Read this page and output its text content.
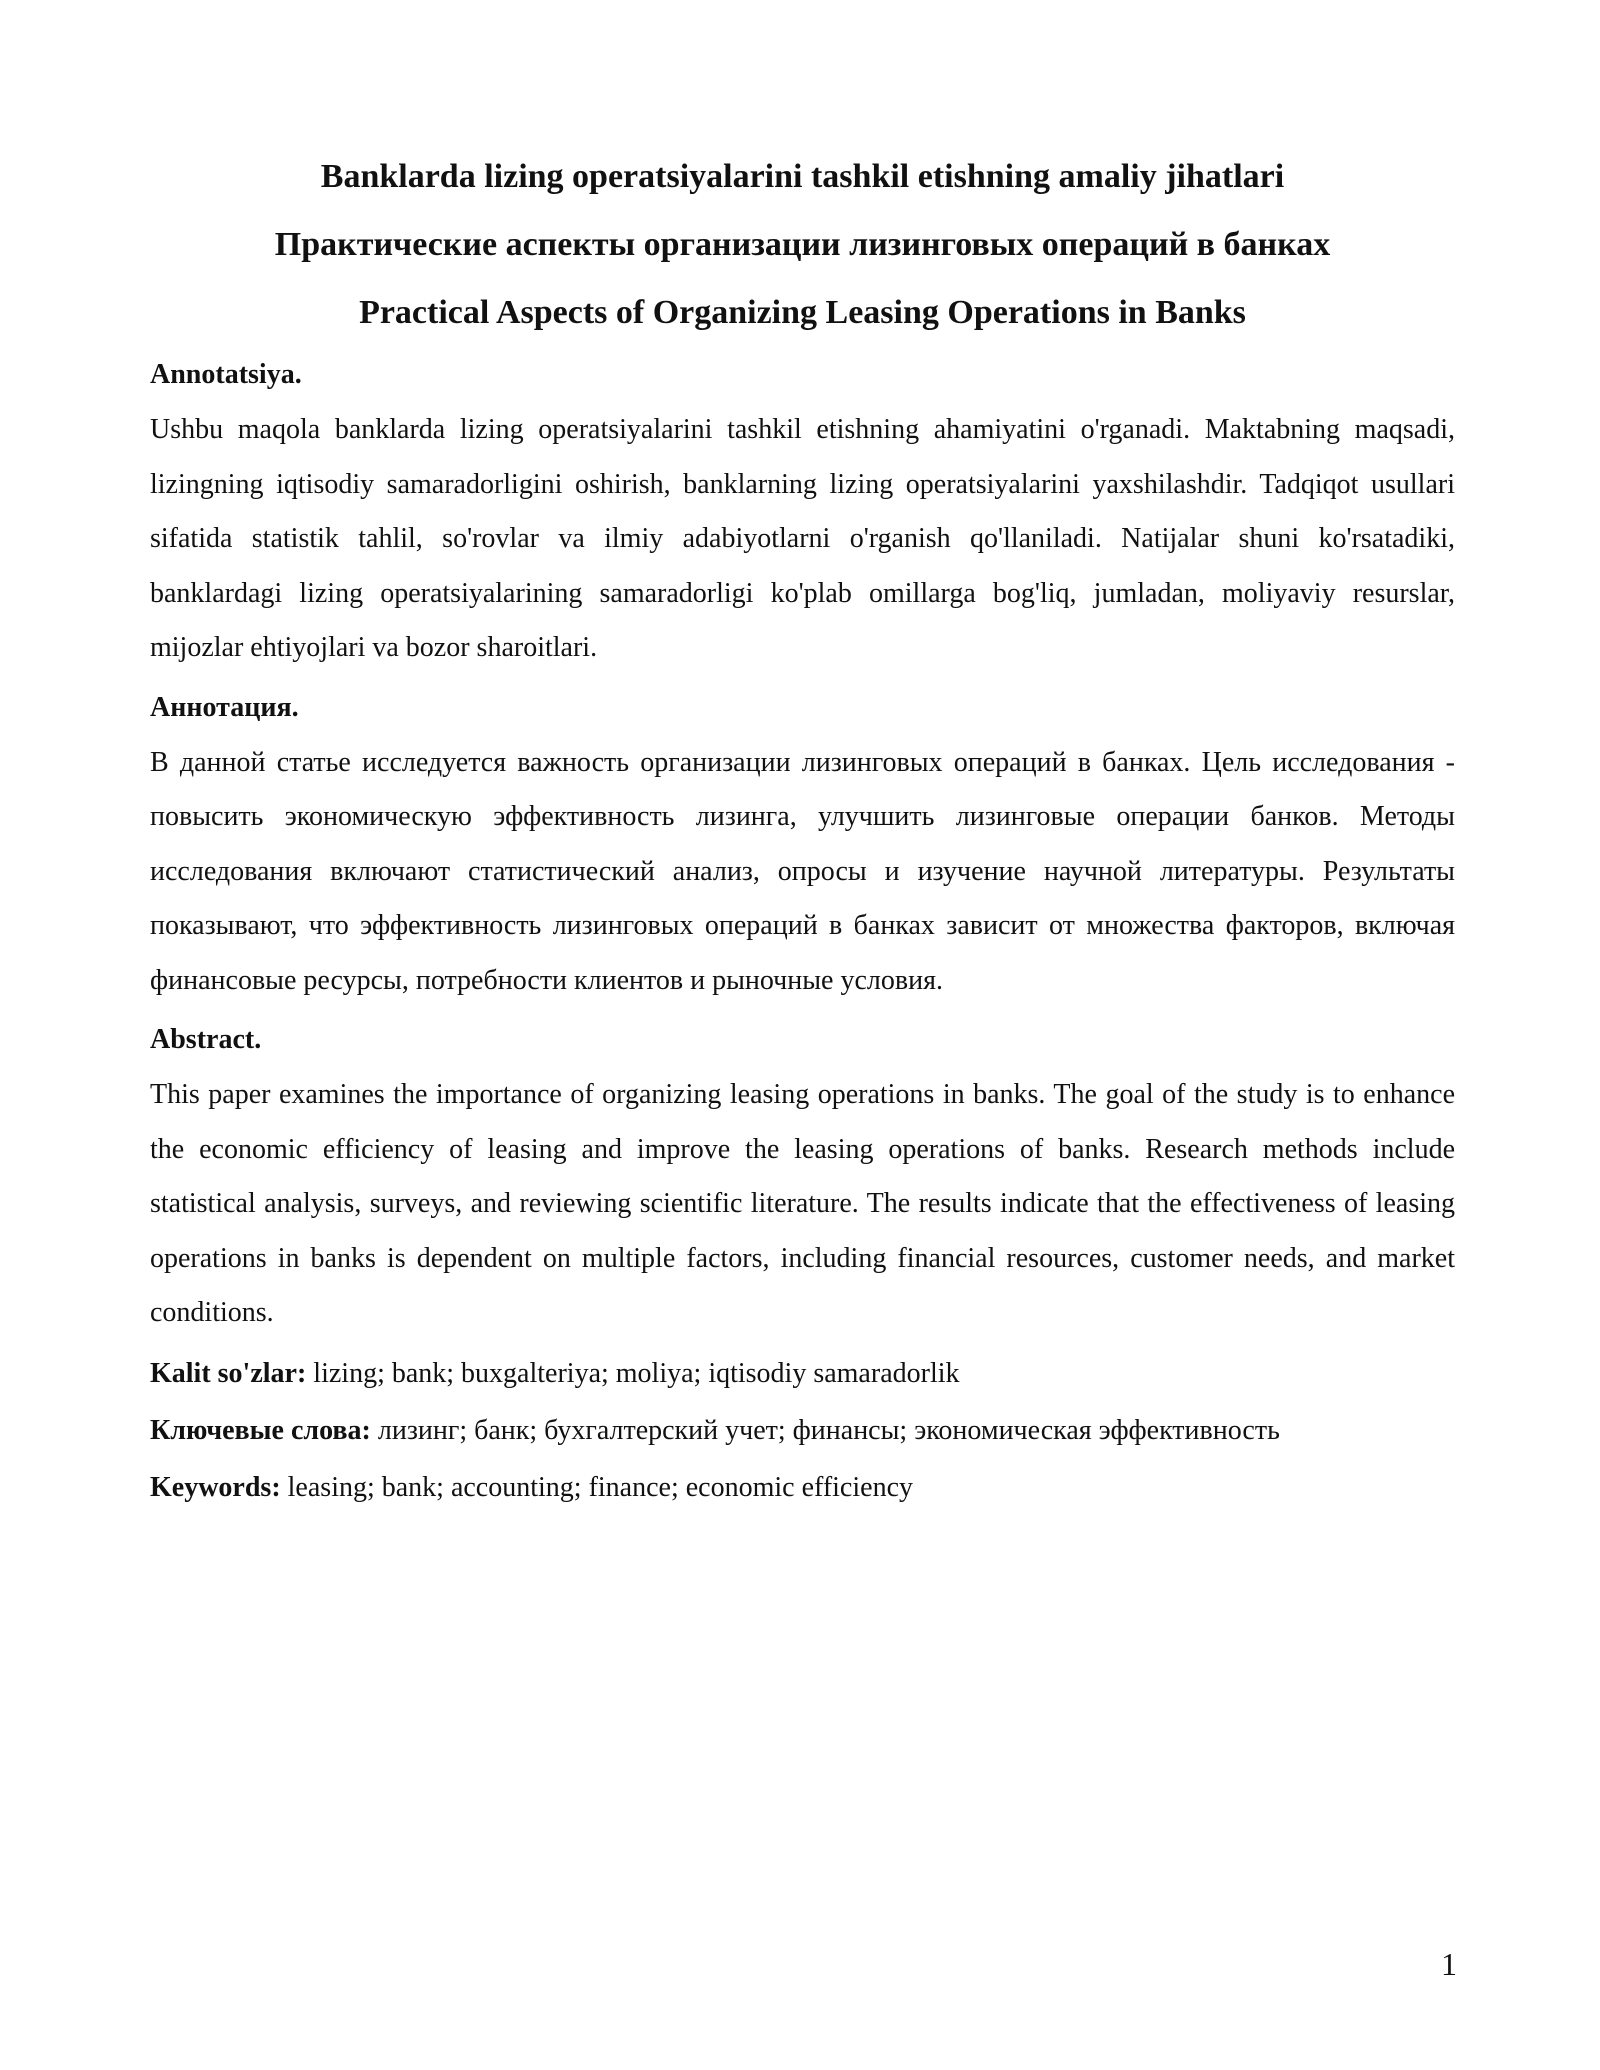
Banklarda lizing operatsiyalarini tashkil etishning amaliy jihatlari
Практические аспекты организации лизинговых операций в банках
Practical Aspects of Organizing Leasing Operations in Banks

Annotatsiya.

Ushbu maqola banklarda lizing operatsiyalarini tashkil etishning ahamiyatini o'rganadi. Maktabning maqsadi, lizingning iqtisodiy samaradorligini oshirish, banklarning lizing operatsiyalarini yaxshilashdir. Tadqiqot usullari sifatida statistik tahlil, so'rovlar va ilmiy adabiyotlarni o'rganish qo'llaniladi. Natijalar shuni ko'rsatadiki, banklardagi lizing operatsiyalarining samaradorligi ko'plab omillarga bog'liq, jumladan, moliyaviy resurslar, mijozlar ehtiyojlari va bozor sharoitlari.

Аннотация.

В данной статье исследуется важность организации лизинговых операций в банках. Цель исследования - повысить экономическую эффективность лизинга, улучшить лизинговые операции банков. Методы исследования включают статистический анализ, опросы и изучение научной литературы. Результаты показывают, что эффективность лизинговых операций в банках зависит от множества факторов, включая финансовые ресурсы, потребности клиентов и рыночные условия.

Abstract.

This paper examines the importance of organizing leasing operations in banks. The goal of the study is to enhance the economic efficiency of leasing and improve the leasing operations of banks. Research methods include statistical analysis, surveys, and reviewing scientific literature. The results indicate that the effectiveness of leasing operations in banks is dependent on multiple factors, including financial resources, customer needs, and market conditions.

Kalit so'zlar: lizing; bank; buxgalteriya; moliya; iqtisodiy samaradorlik

Ключевые слова: лизинг; банк; бухгалтерский учет; финансы; экономическая эффективность

Keywords: leasing; bank; accounting; finance; economic efficiency

1
